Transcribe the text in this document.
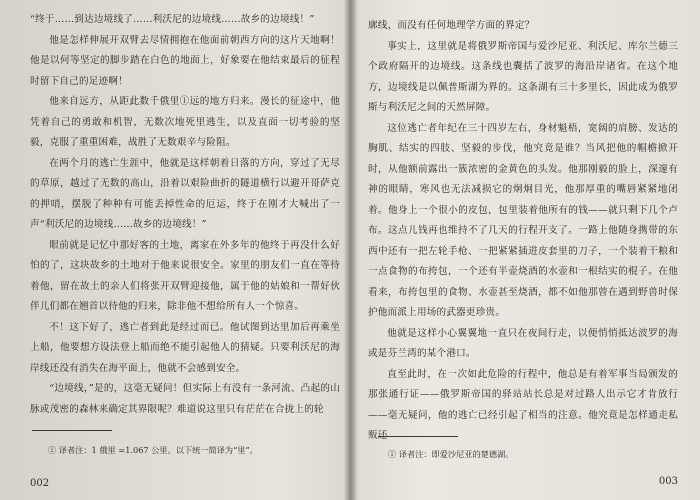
“终于……到达边境线了……利沃尼的边境线……故乡的边境线！”

他是怎样伸展开双臂去尽情拥抱在他面前朝西方向的这片天地啊！他是以何等坚定的脚步踏在白色的地面上，好象要在他结束最后的征程时留下自己的足迹啊！

他来自远方，从距此数千俄里①远的地方归来。漫长的征途中，他凭着自己的勇敢和机智，无数次地死里逃生，以及直面一切考验的坚毅，克服了重重困难，战胜了无数艰辛与险阻。

在两个月的逃亡生涯中，他就是这样朝着日落的方向，穿过了无尽的草原，越过了无数的高山，沿着以艰险曲折的隧道横行以避开哥萨克的押哨，摆脱了种种有可能丢掉性命的厄运，终于在刚才大喊出了一声“利沃尼的边境线……故乡的边境线！”

眼前就是记忆中那好客的土地，离家在外多年的他终于再没什么好怕的了，这块故乡的土地对于他来说很安全。家里的朋友们一直在等待着他，留在故土的亲人们将张开双臂迎接他，属于他的姑娘和一帮好伙伴儿们都在翘首以待他的归来，除非他不想给所有人一个惊喜。

不！这下好了，逃亡者到此是经过而已。他试图到达里加后再乘坐上船，他要想方设法登上船而绝不能引起他人的猜疑。只要利沃尼的海岸线还没有消失在海平面上，他就不会感到安全。

“边境线，”是的，这毫无疑问！但实际上有没有一条河流、凸起的山脉或茂密的森林来确定其界限呢？难道说这里只有茫茫在合拢上的轮

① 译者注：1 俄里 =1.067 公里。以下统一简译为“里”。
002

廓线，而没有任何地理学方面的界定？

事实上，这里就是将俄罗斯帝国与爱沙尼亚、利沃尼、库尔兰德三个政府隔开的边境线。这条线也囊括了波罗的海沿岸诸省。在这个地方，边境线是以佩普斯湖为界的。这条湖有三十多里长，因此成为俄罗斯与利沃尼之间的天然屏障。

这位逃亡者年纪在三十四岁左右，身材魁梧，宽阔的肩膀、发达的胸肌、结实的四肢、坚毅的步伐，他究竟是谁？当风把他的帽檐掀开时，从他额前露出一簇浓密的金黄色的头发。他那刚毅的脸上，深邃有神的眼睛，寒风也无法减损它的炯炯目光，他那厚重的嘴唇紧紧地闭着。他身上一个很小的皮包，包里装着他所有的钱——就只剩下几个卢布。这点儿钱再也维持不了几天的行程开支了。一路上他随身携带的东西中还有一把左轮手枪、一把紧紧插进皮套里的刀子，一个装着干粮和一点食物的布挎包，一个还有半壶烧酒的水壶和一根结实的棍子。在他看来，布挎包里的食物、水壶甚至烧酒，都不如他那曾在遇到野兽时保护他而派上用场的武器更珍贵。

他就是这样小心翼翼地一直只在夜间行走，以便悄悄抵达波罗的海或是芬兰湾的某个港口。

直至此时，在一次如此危险的行程中，他总是有着军事当局颁发的那张通行证——俄罗斯帝国的驿站站长总是对过路人出示它才肯放行——毫无疑问，他的逃亡已经引起了相当的注意。他究竟是怎样通走私贩还

① 译者注：即爱沙尼亚的楚德湖。
003
